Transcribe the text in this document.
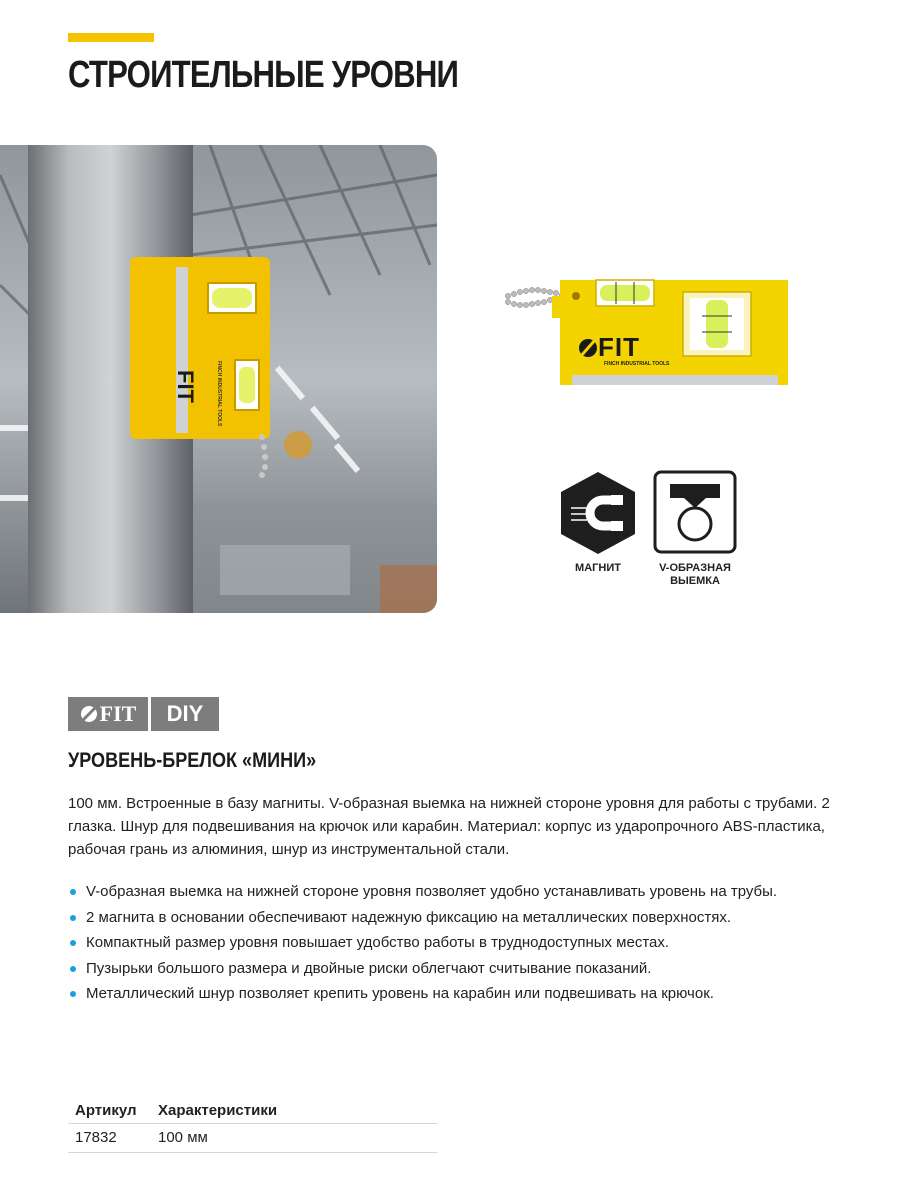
СТРОИТЕЛЬНЫЕ УРОВНИ
FIT	FINCH INDUSTRIAL TOOLS
FIT
FINCH INDUSTRIAL TOOLS
МАГНИТ	V-ОБРАЗНАЯ ВЫЕМКА
FIT	DIY
УРОВЕНЬ-БРЕЛОК «МИНИ»
100 мм. Встроенные в базу магниты. V-образная выемка на нижней стороне уровня для работы с трубами. 2 глазка. Шнур для подвешивания на крючок или карабин. Материал: корпус из ударопрочного ABS-пластика, рабочая грань из алюминия, шнур из инструментальной стали.
V-образная выемка на нижней стороне уровня позволяет удобно устанавливать уровень на трубы.
2 магнита в основании обеспечивают надежную фиксацию на металлических поверхностях.
Компактный размер уровня повышает удобство работы в труднодоступных местах.
Пузырьки большого размера и двойные риски облегчают считывание показаний.
Металлический шнур позволяет крепить уровень на карабин или подвешивать на крючок.
Артикул	Характеристики
17832	100 мм
